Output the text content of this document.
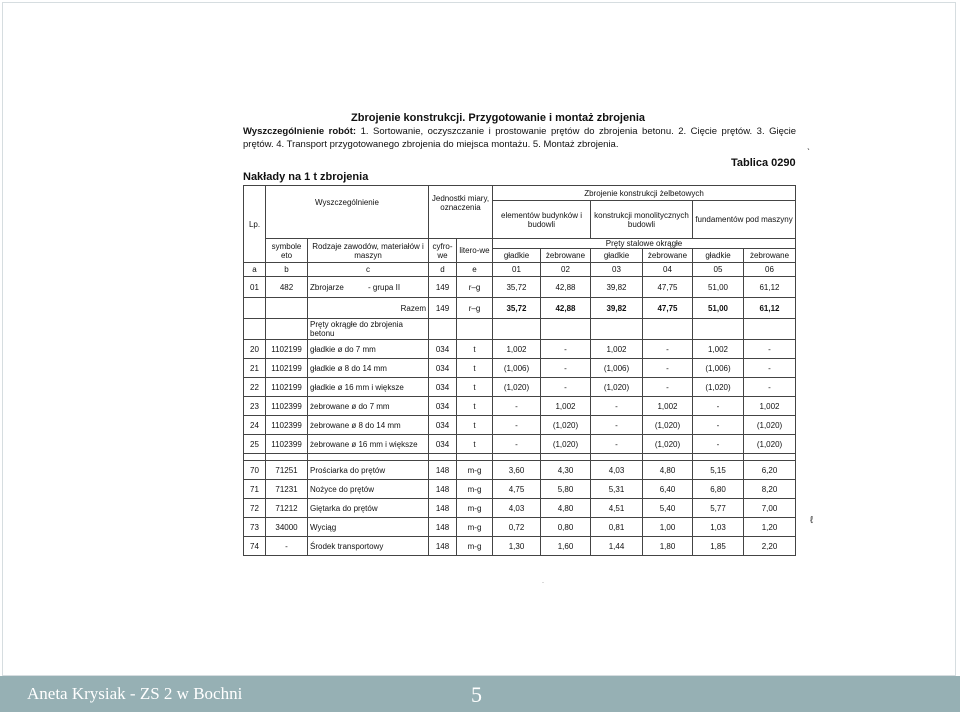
Zbrojenie konstrukcji. Przygotowanie i montaż zbrojenia
Wyszczególnienie robót: 1. Sortowanie, oczyszczanie i prostowanie prętów do zbrojenia betonu. 2. Cięcie prętów. 3. Gięcie prętów. 4. Transport przygotowanego zbrojenia do miejsca montażu. 5. Montaż zbrojenia.
Tablica 0290
Nakłady na 1 t zbrojenia
Lp.	Wyszczególnienie		Jednostki miary, oznaczenia		Zbrojenie konstrukcji żelbetowych					
					elementów budynków i budowli		konstrukcji monolitycznych budowli		fundamentów pod maszyny	
	symbole eto	Rodzaje zawodów, materiałów i maszyn	cyfro-we	litero-we	Pręty stalowe okrągłe					
					gładkie	żebrowane	gładkie	żebrowane	gładkie	żebrowane
a	b	c	d	e	01	02	03	04	05	06
01	482	Zbrojarze - grupa II	149	r–g	35,72	42,88	39,82	47,75	51,00	61,12
		Razem	149	r–g	35,72	42,88	39,82	47,75	51,00	61,12
		Pręty okrągłe do zbrojenia betonu								
20	1102199	gładkie ø do 7 mm	034	t	1,002	-	1,002	-	1,002	-
21	1102199	gładkie ø 8 do 14 mm	034	t	(1,006)	-	(1,006)	-	(1,006)	-
22	1102199	gładkie ø 16 mm i większe	034	t	(1,020)	-	(1,020)	-	(1,020)	-
23	1102399	żebrowane ø do 7 mm	034	t	-	1,002	-	1,002	-	1,002
24	1102399	żebrowane ø 8 do 14 mm	034	t	-	(1,020)	-	(1,020)	-	(1,020)
25	1102399	żebrowane ø 16 mm i większe	034	t	-	(1,020)	-	(1,020)	-	(1,020)

70	71251	Prościarka do prętów	148	m-g	3,60	4,30	4,03	4,80	5,15	6,20
71	71231	Nożyce do prętów	148	m-g	4,75	5,80	5,31	6,40	6,80	8,20
72	71212	Giętarka do prętów	148	m-g	4,03	4,80	4,51	5,40	5,77	7,00
73	34000	Wyciąg	148	m-g	0,72	0,80	0,81	1,00	1,03	1,20
74	-	Środek transportowy	148	m-g	1,30	1,60	1,44	1,80	1,85	2,20
ˎ
ℓ
·
Aneta Krysiak - ZS 2 w Bochni	5
